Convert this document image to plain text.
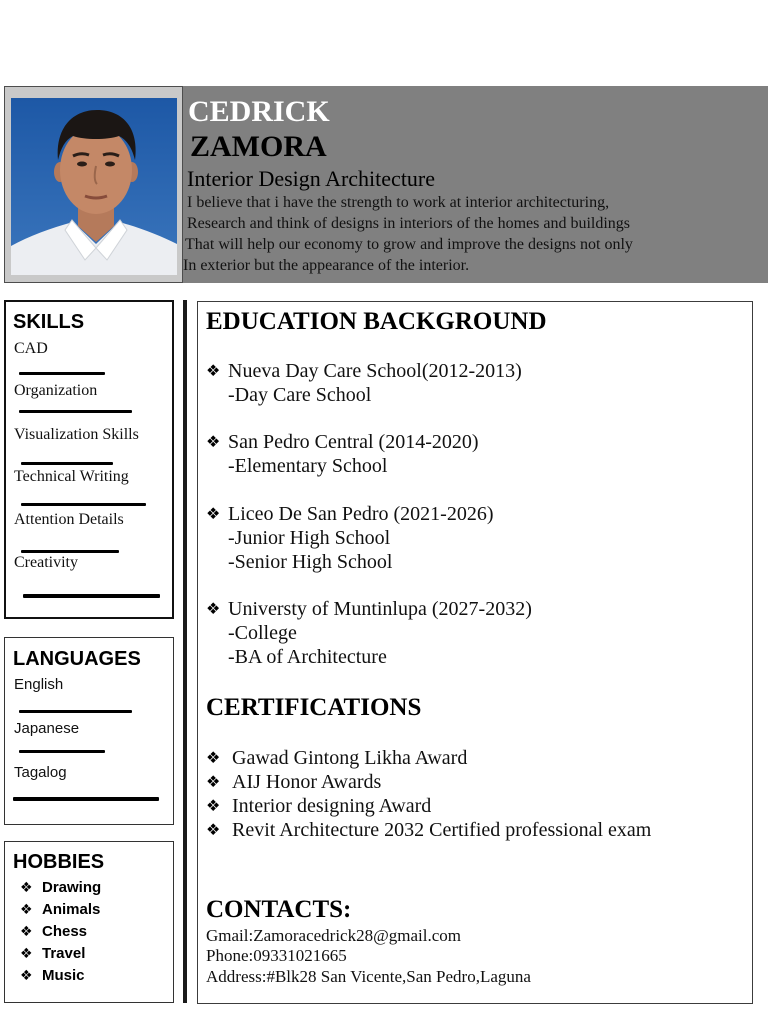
CEDRICK
ZAMORA
Interior Design Architecture
I believe that i have the strength to work at interior architecturing,
Research and think of designs in interiors of the homes and buildings
That will help our economy to grow and improve the designs not only
In exterior but the appearance of the interior.
SKILLS
CAD
Organization
Visualization Skills
Technical Writing
Attention Details
Creativity
LANGUAGES
English
Japanese
Tagalog
HOBBIES
❖ Drawing
❖ Animals
❖ Chess
❖ Travel
❖ Music
EDUCATION BACKGROUND
❖ Nueva Day Care School(2012-2013)
-Day Care School
❖ San Pedro Central (2014-2020)
-Elementary School
❖ Liceo De San Pedro (2021-2026)
-Junior High School
-Senior High School
❖ Universty of Muntinlupa (2027-2032)
-College
-BA of Architecture
CERTIFICATIONS
❖ Gawad Gintong Likha Award
❖ AIJ Honor Awards
❖ Interior designing Award
❖ Revit Architecture 2032 Certified professional exam
CONTACTS:
Gmail:Zamoracedrick28@gmail.com
Phone:09331021665
Address:#Blk28 San Vicente,San Pedro,Laguna
